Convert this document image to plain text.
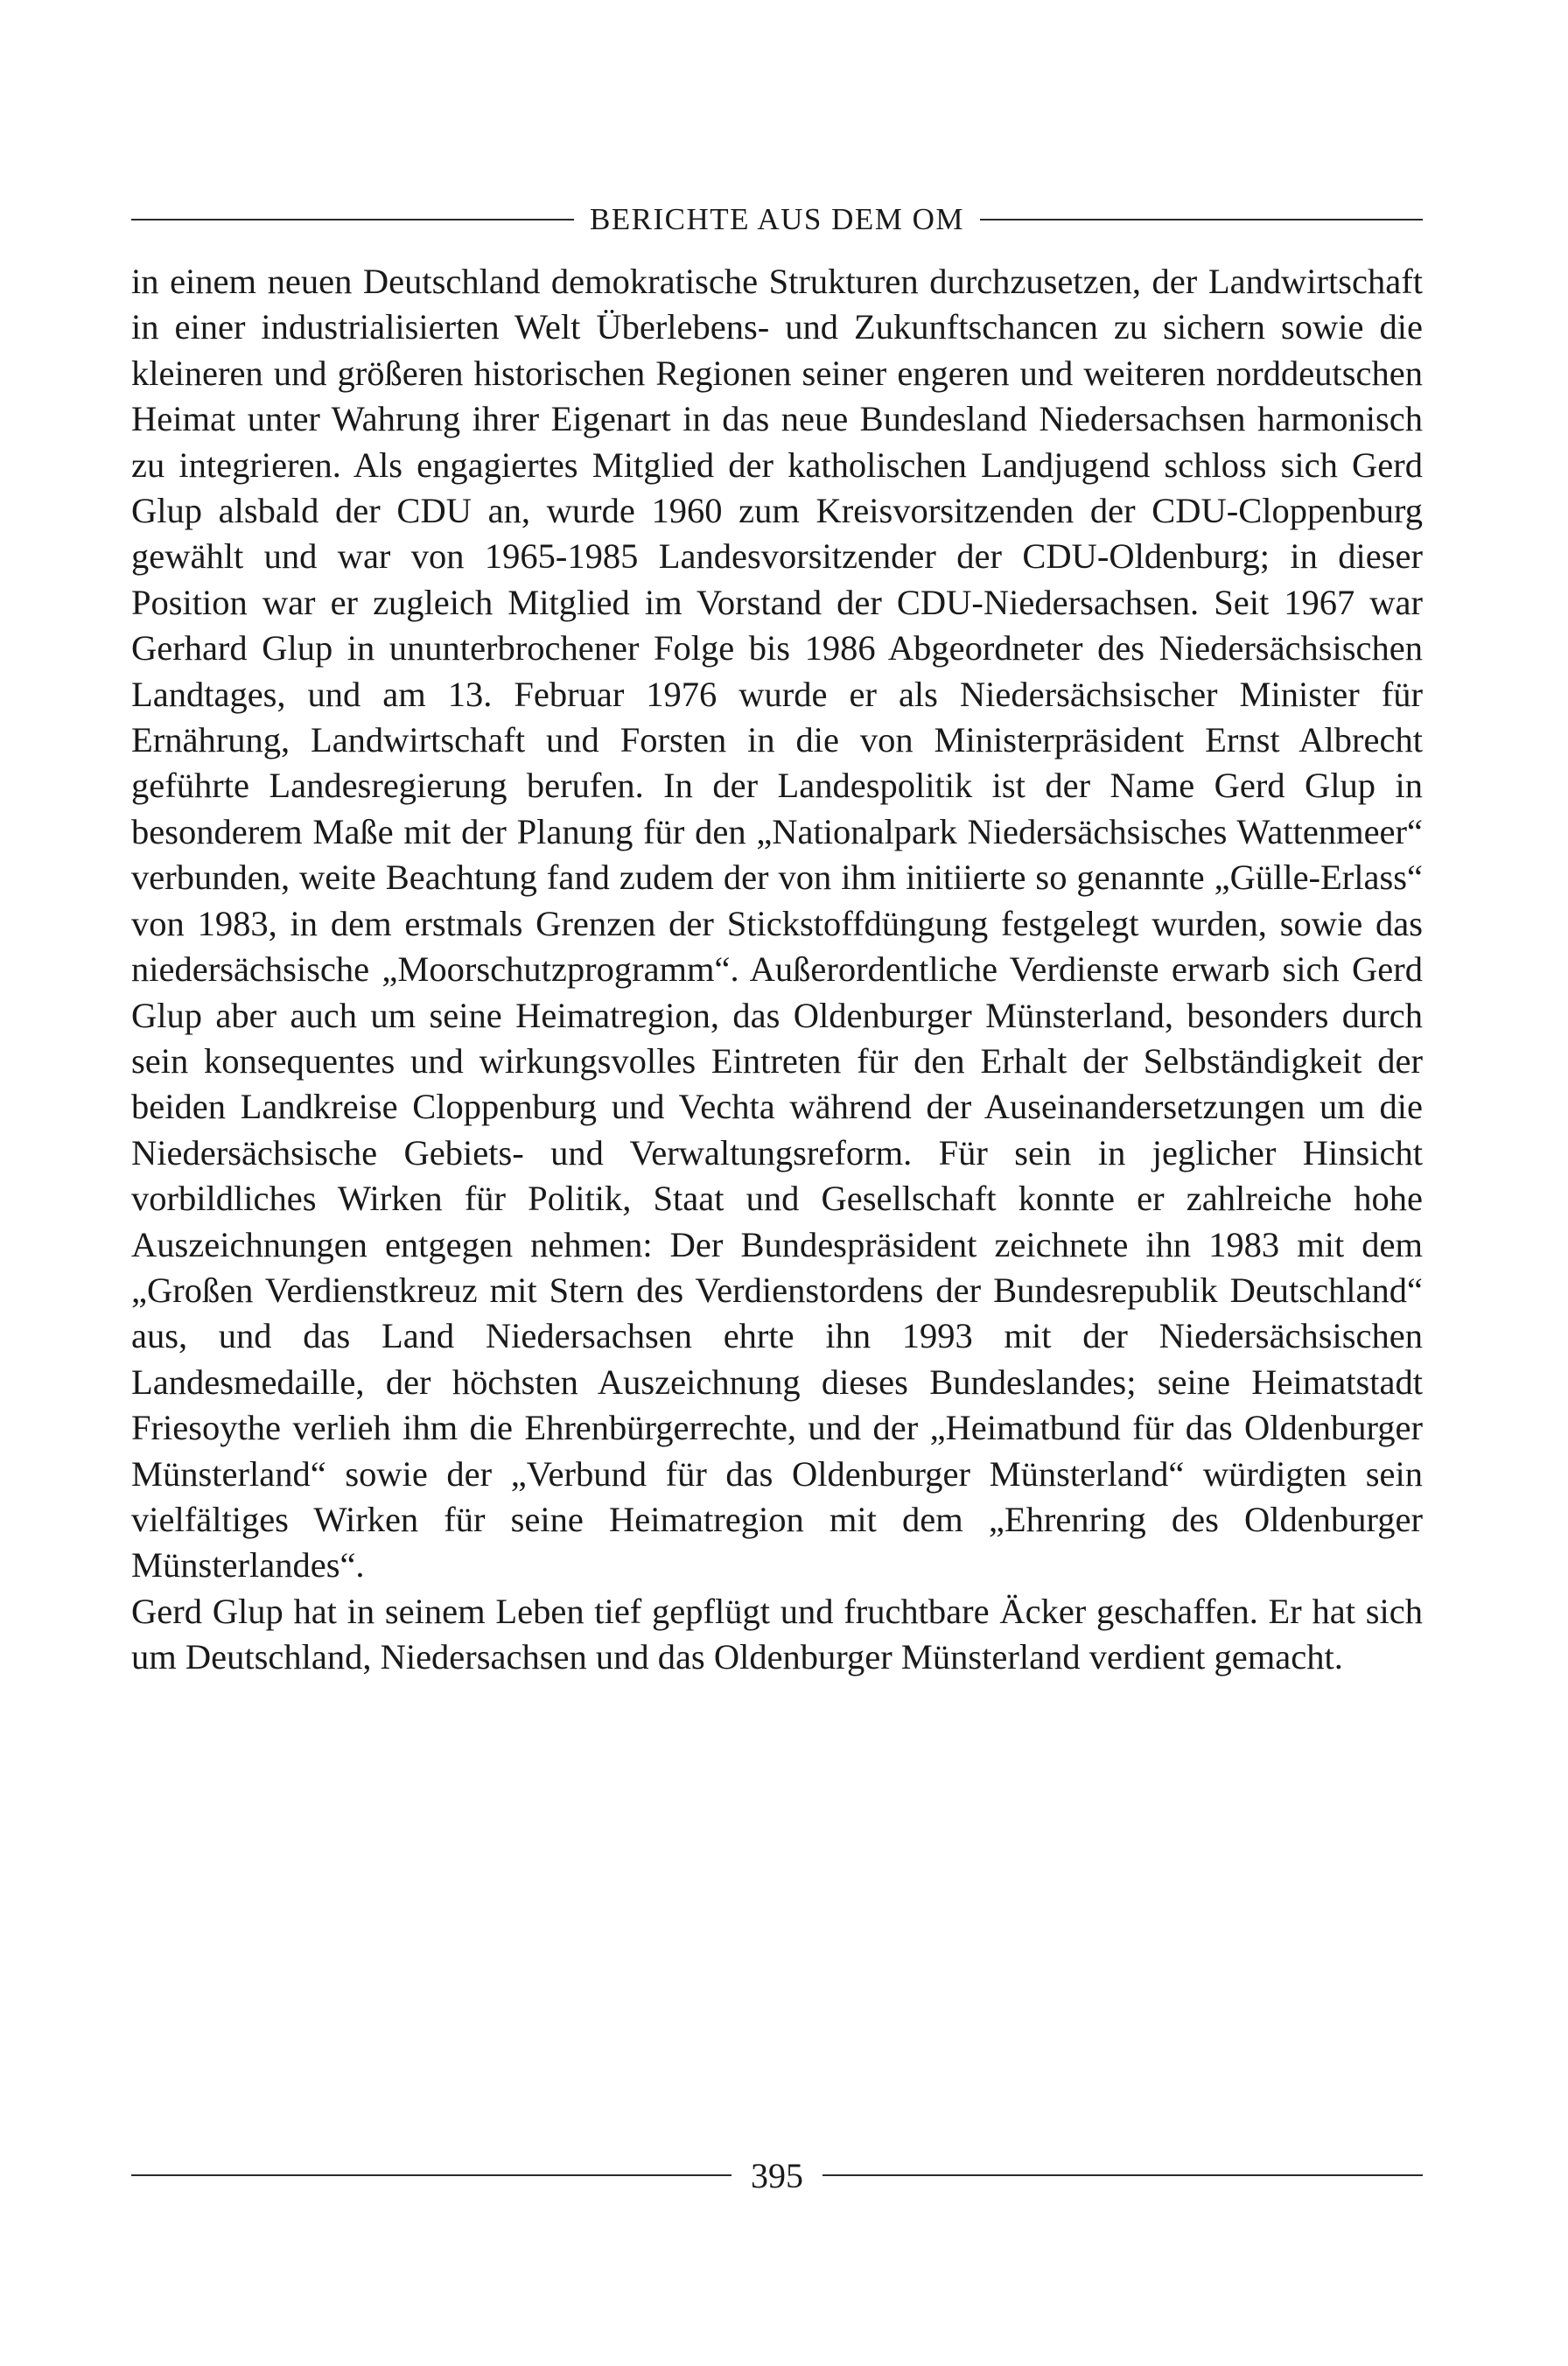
BERICHTE AUS DEM OM

in einem neuen Deutschland demokratische Strukturen durchzusetzen, der Landwirtschaft in einer industrialisierten Welt Überlebens- und Zukunftschancen zu sichern sowie die kleineren und größeren historischen Regionen seiner engeren und weiteren norddeutschen Heimat unter Wahrung ihrer Eigenart in das neue Bundesland Niedersachsen harmonisch zu integrieren. Als engagiertes Mitglied der katholischen Landjugend schloss sich Gerd Glup alsbald der CDU an, wurde 1960 zum Kreisvorsitzenden der CDU-Cloppenburg gewählt und war von 1965-1985 Landesvorsitzender der CDU-Oldenburg; in dieser Position war er zugleich Mitglied im Vorstand der CDU-Niedersachsen. Seit 1967 war Gerhard Glup in ununterbrochener Folge bis 1986 Abgeordneter des Niedersächsischen Landtages, und am 13. Februar 1976 wurde er als Niedersächsischer Minister für Ernährung, Landwirtschaft und Forsten in die von Ministerpräsident Ernst Albrecht geführte Landesregierung berufen. In der Landespolitik ist der Name Gerd Glup in besonderem Maße mit der Planung für den „Nationalpark Niedersächsisches Wattenmeer“ verbunden, weite Beachtung fand zudem der von ihm initiierte so genannte „Gülle-Erlass“ von 1983, in dem erstmals Grenzen der Stickstoffdüngung festgelegt wurden, sowie das niedersächsische „Moorschutzprogramm“. Außerordentliche Verdienste erwarb sich Gerd Glup aber auch um seine Heimatregion, das Oldenburger Münsterland, besonders durch sein konsequentes und wirkungsvolles Eintreten für den Erhalt der Selbständigkeit der beiden Landkreise Cloppenburg und Vechta während der Auseinandersetzungen um die Niedersächsische Gebiets- und Verwaltungsreform. Für sein in jeglicher Hinsicht vorbildliches Wirken für Politik, Staat und Gesellschaft konnte er zahlreiche hohe Auszeichnungen entgegen nehmen: Der Bundespräsident zeichnete ihn 1983 mit dem „Großen Verdienstkreuz mit Stern des Verdienstordens der Bundesrepublik Deutschland“ aus, und das Land Niedersachsen ehrte ihn 1993 mit der Niedersächsischen Landesmedaille, der höchsten Auszeichnung dieses Bundeslandes; seine Heimatstadt Friesoythe verlieh ihm die Ehrenbürgerrechte, und der „Heimatbund für das Oldenburger Münsterland“ sowie der „Verbund für das Oldenburger Münsterland“ würdigten sein vielfältiges Wirken für seine Heimatregion mit dem „Ehrenring des Oldenburger Münsterlandes“.

Gerd Glup hat in seinem Leben tief gepflügt und fruchtbare Äcker geschaffen. Er hat sich um Deutschland, Niedersachsen und das Oldenburger Münsterland verdient gemacht.

395
